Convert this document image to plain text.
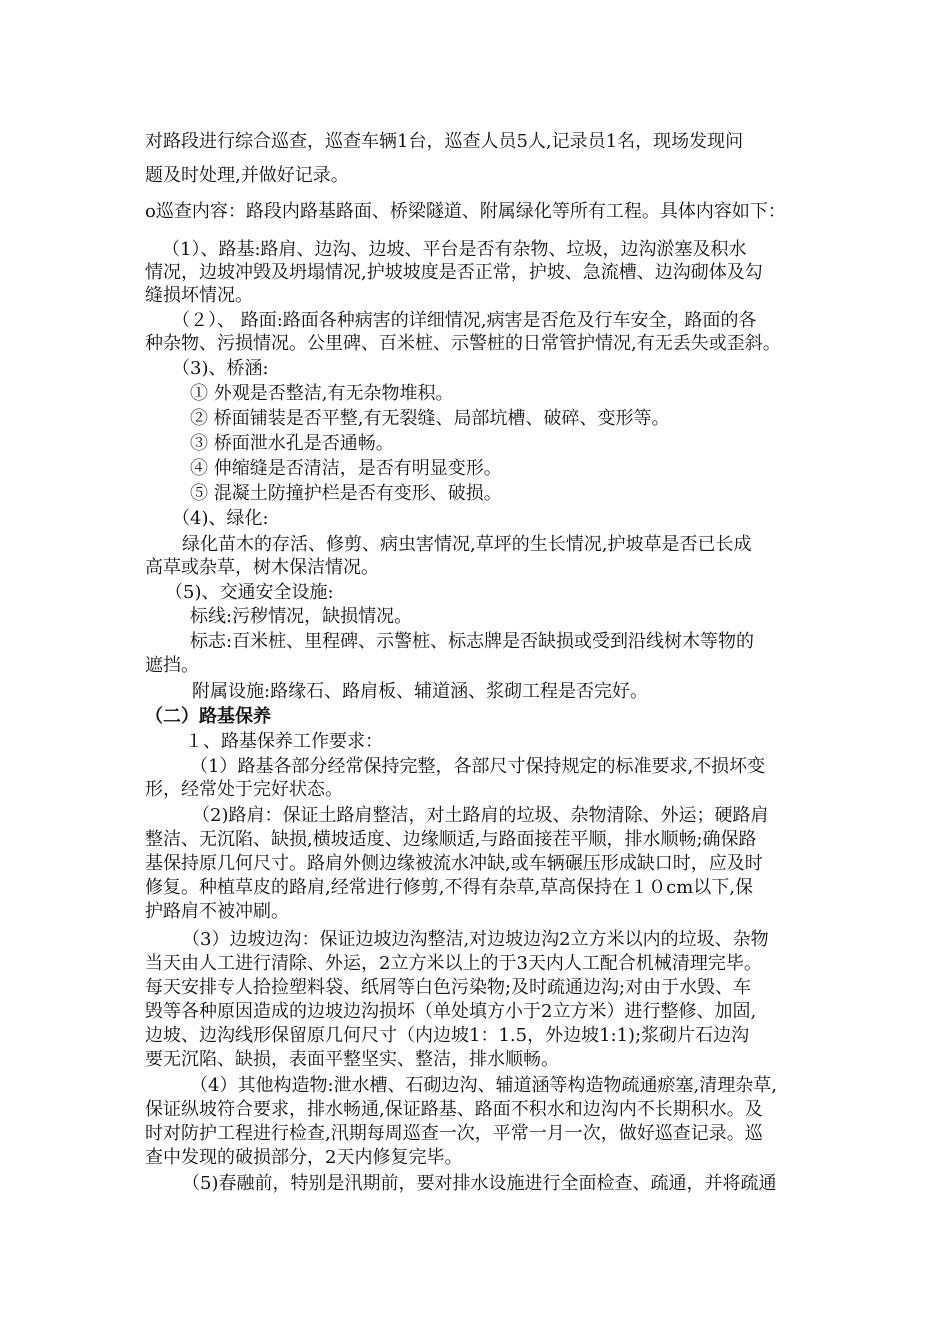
对路段进行综合巡查，巡查车辆1台，巡查人员5人,记录员1名，现场发现问
题及时处理,并做好记录。
o巡查内容：路段内路基路面、桥梁隧道、附属绿化等所有工程。具体内容如下：
（1）、路基:路肩、边沟、边坡、平台是否有杂物、垃圾，边沟淤塞及积水
情况，边坡冲毁及坍塌情况,护坡坡度是否正常，护坡、急流槽、边沟砌体及勾
缝损坏情况。
（２）、 路面:路面各种病害的详细情况,病害是否危及行车安全，路面的各
种杂物、污损情况。公里碑、百米桩、示警桩的日常管护情况,有无丢失或歪斜。
（3)、桥涵:
① 外观是否整洁,有无杂物堆积。
② 桥面铺装是否平整,有无裂缝、局部坑槽、破碎、变形等。
③ 桥面泄水孔是否通畅。
④ 伸缩缝是否清洁，是否有明显变形。
⑤ 混凝土防撞护栏是否有变形、破损。
（4)、绿化:
绿化苗木的存活、修剪、病虫害情况,草坪的生长情况,护坡草是否已长成
高草或杂草，树木保洁情况。
（5)、交通安全设施:
标线:污秽情况，缺损情况。
标志:百米桩、里程碑、示警桩、标志牌是否缺损或受到沿线树木等物的
遮挡。
附属设施:路缘石、路肩板、辅道涵、浆砌工程是否完好。
（二）路基保养
１、路基保养工作要求：
（1）路基各部分经常保持完整，各部尺寸保持规定的标准要求,不损坏变
形，经常处于完好状态。
（2)路肩：保证土路肩整洁，对土路肩的垃圾、杂物清除、外运；硬路肩
整洁、无沉陷、缺损,横坡适度、边缘顺适,与路面接茬平顺，排水顺畅;确保路
基保持原几何尺寸。路肩外侧边缘被流水冲缺,或车辆碾压形成缺口时，应及时
修复。种植草皮的路肩,经常进行修剪,不得有杂草,草高保持在１０cm以下,保
护路肩不被冲刷。
（3）边坡边沟：保证边坡边沟整洁,对边坡边沟2立方米以内的垃圾、杂物
当天由人工进行清除、外运，2立方米以上的于3天内人工配合机械清理完毕。
每天安排专人拾捡塑料袋、纸屑等白色污染物;及时疏通边沟;对由于水毁、车
毁等各种原因造成的边坡边沟损坏（单处填方小于2立方米）进行整修、加固,
边坡、边沟线形保留原几何尺寸（内边坡1：1.5，外边坡1:1);浆砌片石边沟
要无沉陷、缺损，表面平整坚实、整洁，排水顺畅。
（4）其他构造物:泄水槽、石砌边沟、辅道涵等构造物疏通瘀塞,清理杂草,
保证纵坡符合要求，排水畅通,保证路基、路面不积水和边沟内不长期积水。及
时对防护工程进行检查,汛期每周巡查一次，平常一月一次，做好巡查记录。巡
查中发现的破损部分，2天内修复完毕。
（5)春融前，特别是汛期前，要对排水设施进行全面检查、疏通，并将疏通
